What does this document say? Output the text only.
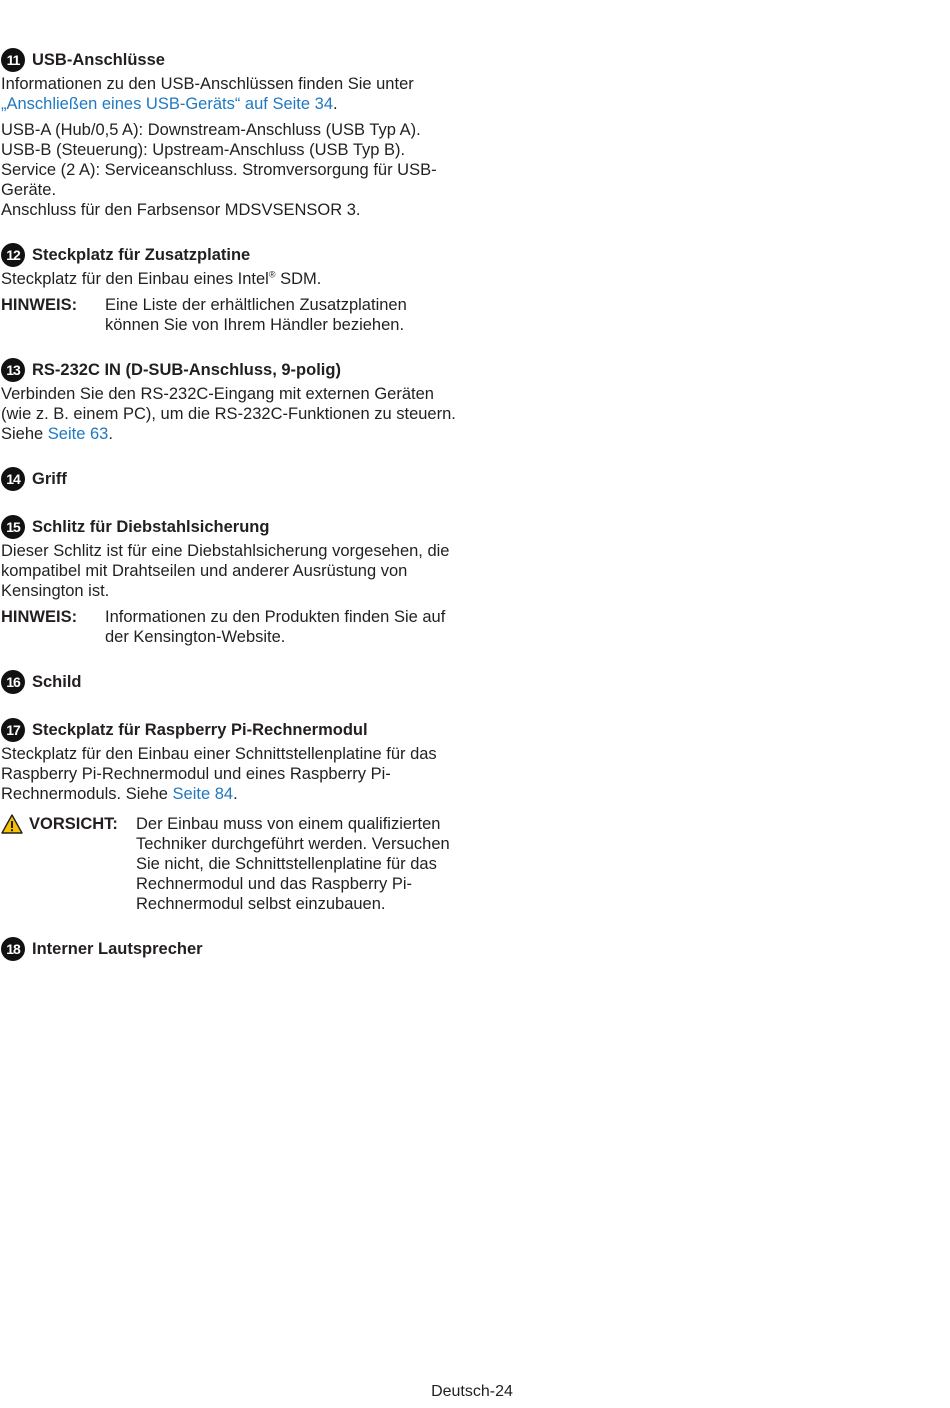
11 USB-Anschlüsse

Informationen zu den USB-Anschlüssen finden Sie unter
„Anschließen eines USB-Geräts“ auf Seite 34.

USB-A (Hub/0,5 A): Downstream-Anschluss (USB Typ A).
USB-B (Steuerung): Upstream-Anschluss (USB Typ B).
Service (2 A): Serviceanschluss. Stromversorgung für USB-Geräte.
Anschluss für den Farbsensor MDSVSENSOR 3.

12 Steckplatz für Zusatzplatine

Steckplatz für den Einbau eines Intel® SDM.

HINWEIS:	Eine Liste der erhältlichen Zusatzplatinen können Sie von Ihrem Händler beziehen.
13 RS-232C IN (D-SUB-Anschluss, 9-polig)

Verbinden Sie den RS-232C-Eingang mit externen Geräten (wie z. B. einem PC), um die RS-232C-Funktionen zu steuern. Siehe Seite 63.

14 Griff
15 Schlitz für Diebstahlsicherung

Dieser Schlitz ist für eine Diebstahlsicherung vorgesehen, die kompatibel mit Drahtseilen und anderer Ausrüstung von Kensington ist.

HINWEIS:	Informationen zu den Produkten finden Sie auf der Kensington-Website.
16 Schild
17 Steckplatz für Raspberry Pi-Rechnermodul

Steckplatz für den Einbau einer Schnittstellenplatine für das Raspberry Pi-Rechnermodul und eines Raspberry Pi-Rechnermoduls. Siehe Seite 84.

VORSICHT: Der Einbau muss von einem qualifizierten Techniker durchgeführt werden. Versuchen Sie nicht, die Schnittstellenplatine für das Rechnermodul und das Raspberry Pi-Rechnermodul selbst einzubauen.
18 Interner Lautsprecher
Deutsch-24
